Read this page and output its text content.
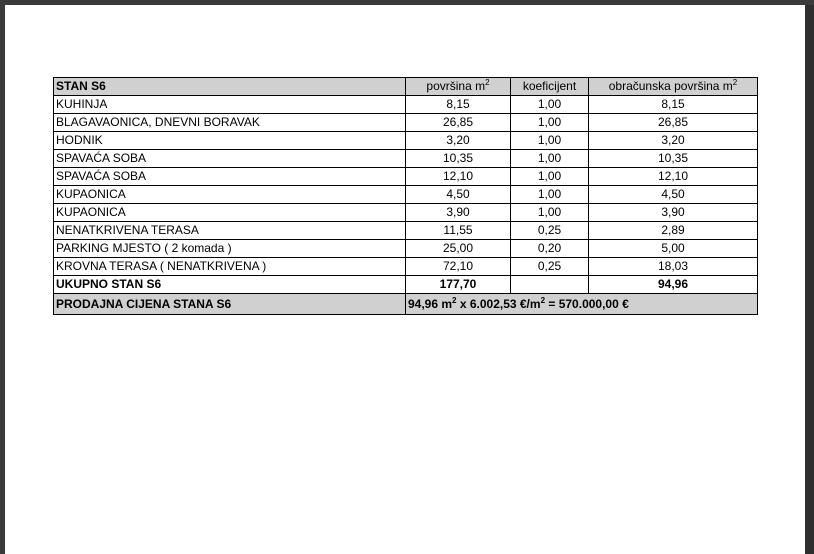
STAN S6	površina $m^2$	koeficijent	obračunska površina $m^2$
KUHINJA	8,15	1,00	8,15
BLAGAVAONICA, DNEVNI BORAVAK	26,85	1,00	26,85
HODNIK	3,20	1,00	3,20
SPAVAĆA SOBA	10,35	1,00	10,35
SPAVAĆA SOBA	12,10	1,00	12,10
KUPAONICA	4,50	1,00	4,50
KUPAONICA	3,90	1,00	3,90
NENATKRIVENA TERASA	11,55	0,25	2,89
PARKING MJESTO ( 2 komada )	25,00	0,20	5,00
KROVNA TERASA ( NENATKRIVENA )	72,10	0,25	18,03
UKUPNO STAN S6	177,70		94,96
PRODAJNA CIJENA STANA S6	94,96 $m^2$ x 6.002,53 $€/m^2 = 570.000,00$ €		
